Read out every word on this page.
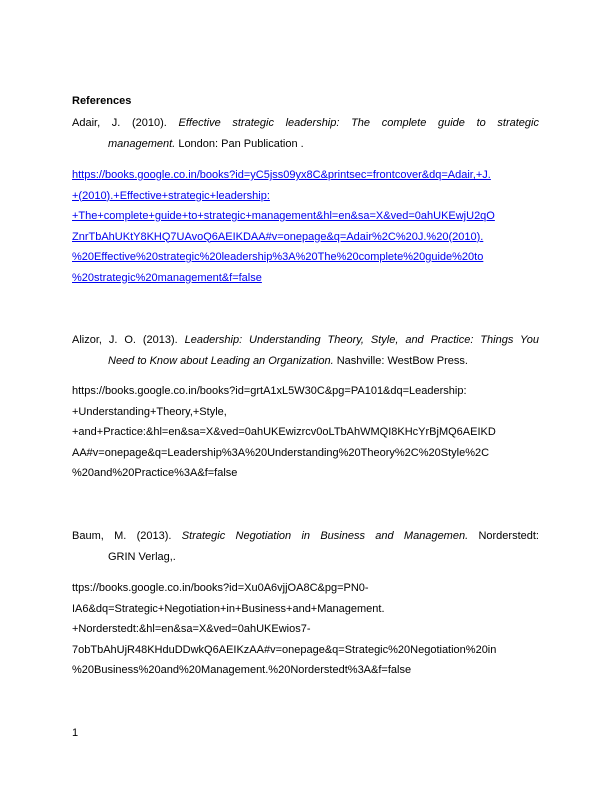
References
Adair, J. (2010). Effective strategic leadership: The complete guide to strategic
management. London: Pan Publication .
https://books.google.co.in/books?id=yC5jss09yx8C&printsec=frontcover&dq=Adair,+J.
+(2010).+Effective+strategic+leadership:
+The+complete+guide+to+strategic+management&hl=en&sa=X&ved=0ahUKEwjU2qO
ZnrTbAhUKtY8KHQ7UAvoQ6AEIKDAA#v=onepage&q=Adair%2C%20J.%20(2010).
%20Effective%20strategic%20leadership%3A%20The%20complete%20guide%20to
%20strategic%20management&f=false
Alizor, J. O. (2013). Leadership: Understanding Theory, Style, and Practice: Things You
Need to Know about Leading an Organization. Nashville: WestBow Press.
https://books.google.co.in/books?id=grtA1xL5W30C&pg=PA101&dq=Leadership:
+Understanding+Theory,+Style,
+and+Practice:&hl=en&sa=X&ved=0ahUKEwizrcv0oLTbAhWMQI8KHcYrBjMQ6AEIKD
AA#v=onepage&q=Leadership%3A%20Understanding%20Theory%2C%20Style%2C
%20and%20Practice%3A&f=false
Baum, M. (2013). Strategic Negotiation in Business and Managemen. Norderstedt:
GRIN Verlag,.
ttps://books.google.co.in/books?id=Xu0A6vjjOA8C&pg=PN0-
IA6&dq=Strategic+Negotiation+in+Business+and+Management.
+Norderstedt:&hl=en&sa=X&ved=0ahUKEwios7-
7obTbAhUjR48KHduDDwkQ6AEIKzAA#v=onepage&q=Strategic%20Negotiation%20in
%20Business%20and%20Management.%20Norderstedt%3A&f=false
1
